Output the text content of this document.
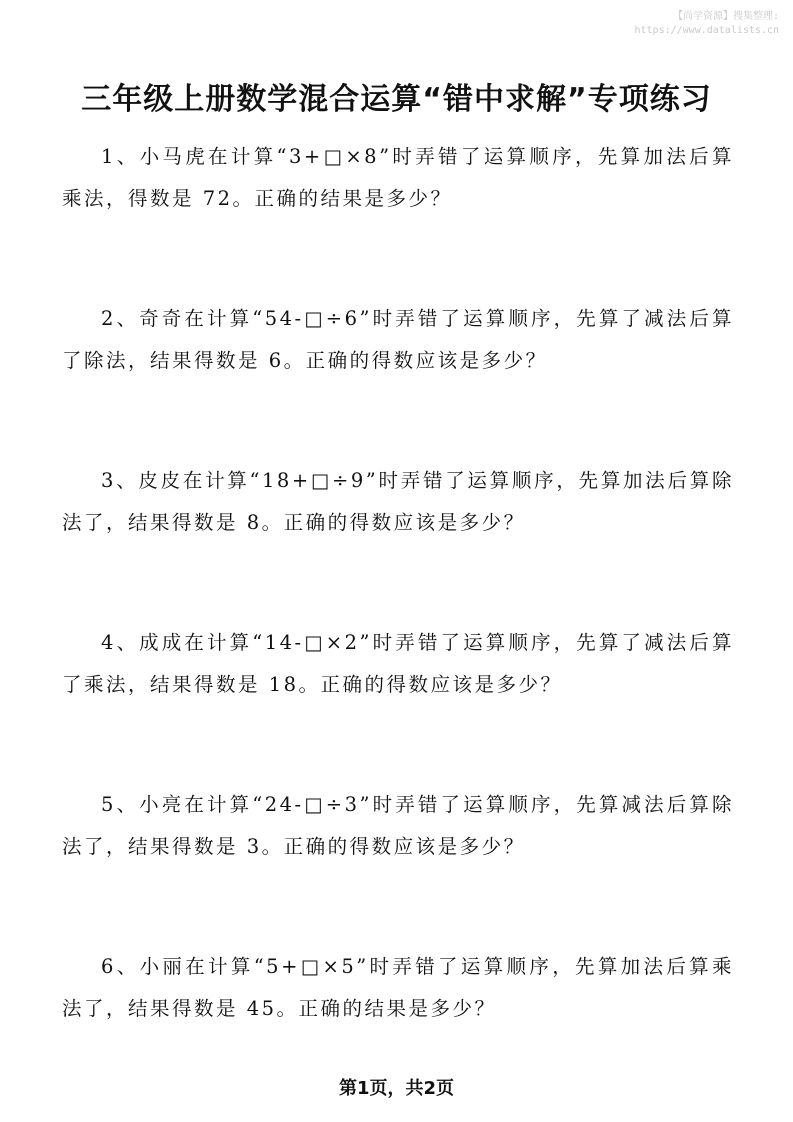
【尚学资源】搜集整理:
https://www.datalists.cn
三年级上册数学混合运算“错中求解”专项练习
1、小马虎在计算“3+□×8”时弄错了运算顺序，先算加法后算乘法，得数是 72。正确的结果是多少？
2、奇奇在计算“54-□÷6”时弄错了运算顺序，先算了减法后算了除法，结果得数是 6。正确的得数应该是多少？
3、皮皮在计算“18+□÷9”时弄错了运算顺序，先算加法后算除法了，结果得数是 8。正确的得数应该是多少？
4、成成在计算“14-□×2”时弄错了运算顺序，先算了减法后算了乘法，结果得数是 18。正确的得数应该是多少？
5、小亮在计算“24-□÷3”时弄错了运算顺序，先算减法后算除法了，结果得数是 3。正确的得数应该是多少？
6、小丽在计算“5+□×5”时弄错了运算顺序，先算加法后算乘法了，结果得数是 45。正确的结果是多少？
第1页，共2页
